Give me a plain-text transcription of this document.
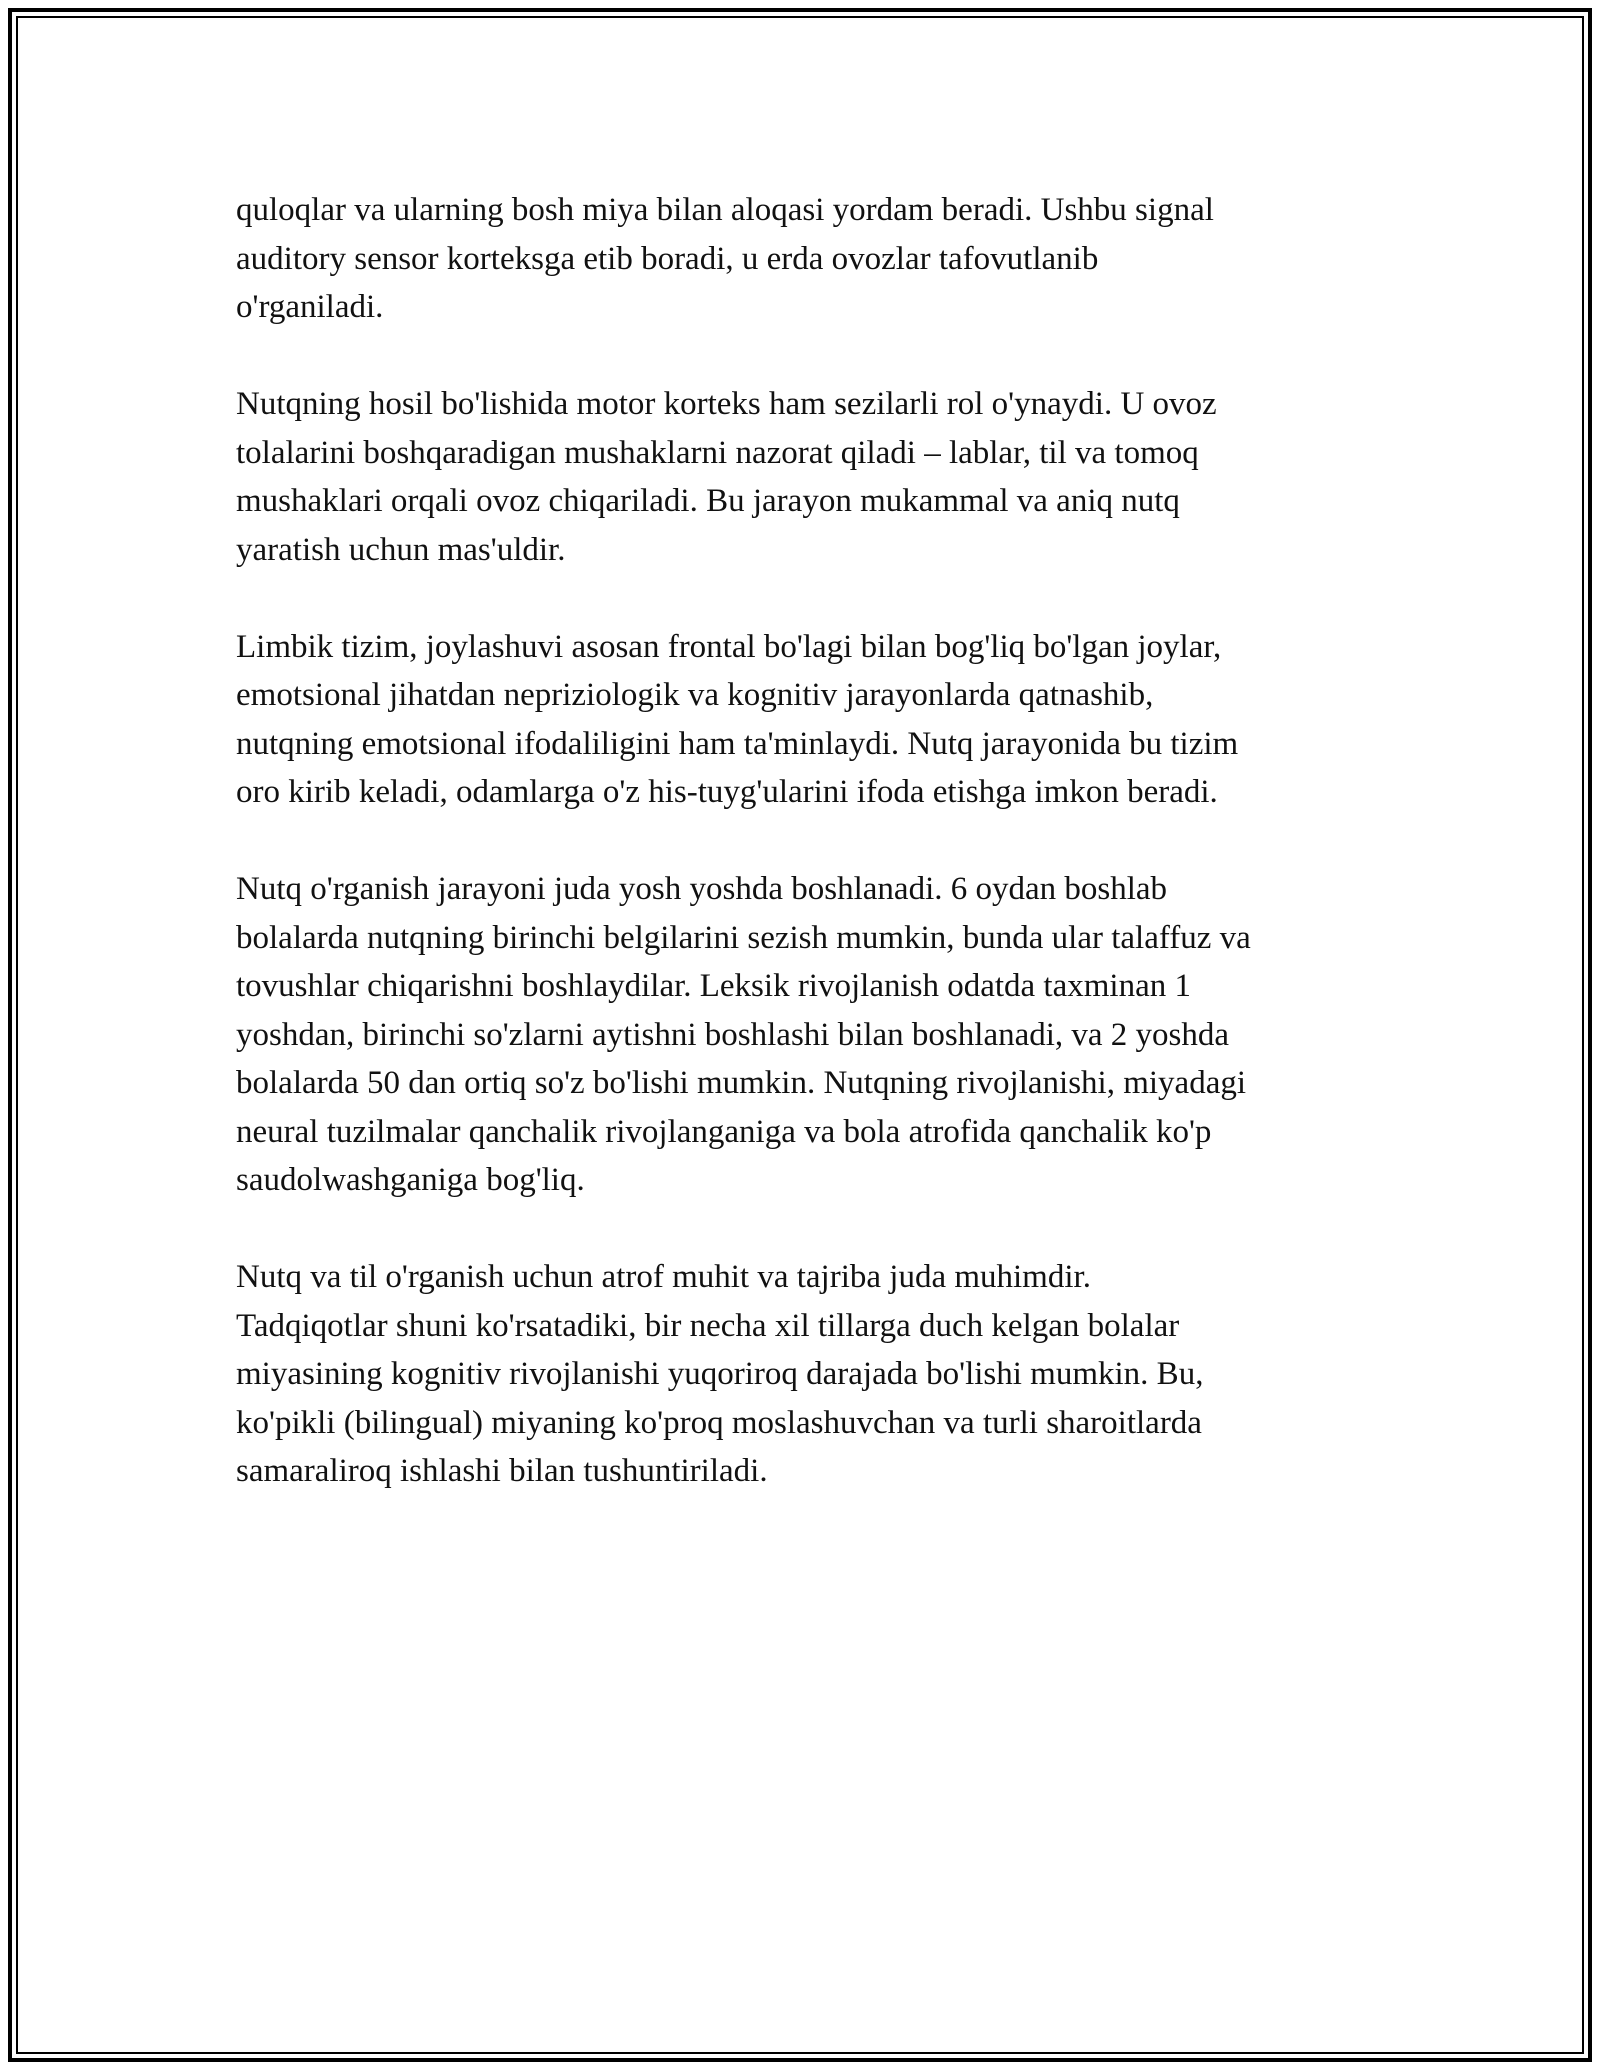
quloqlar va ularning bosh miya bilan aloqasi yordam beradi. Ushbu signal
auditory sensor korteksga etib boradi, u erda ovozlar tafovutlanib
o'rganiladi.

Nutqning hosil bo'lishida motor korteks ham sezilarli rol o'ynaydi. U ovoz
tolalarini boshqaradigan mushaklarni nazorat qiladi – lablar, til va tomoq
mushaklari orqali ovoz chiqariladi. Bu jarayon mukammal va aniq nutq
yaratish uchun mas'uldir.

Limbik tizim, joylashuvi asosan frontal bo'lagi bilan bog'liq bo'lgan joylar,
emotsional jihatdan nepriziologik va kognitiv jarayonlarda qatnashib,
nutqning emotsional ifodaliligini ham ta'minlaydi. Nutq jarayonida bu tizim
oro kirib keladi, odamlarga o'z his-tuyg'ularini ifoda etishga imkon beradi.

Nutq o'rganish jarayoni juda yosh yoshda boshlanadi. 6 oydan boshlab
bolalarda nutqning birinchi belgilarini sezish mumkin, bunda ular talaffuz va
tovushlar chiqarishni boshlaydilar. Leksik rivojlanish odatda taxminan 1
yoshdan, birinchi so'zlarni aytishni boshlashi bilan boshlanadi, va 2 yoshda
bolalarda 50 dan ortiq so'z bo'lishi mumkin. Nutqning rivojlanishi, miyadagi
neural tuzilmalar qanchalik rivojlanganiga va bola atrofida qanchalik ko'p
saudolwashganiga bog'liq.

Nutq va til o'rganish uchun atrof muhit va tajriba juda muhimdir.
Tadqiqotlar shuni ko'rsatadiki, bir necha xil tillarga duch kelgan bolalar
miyasining kognitiv rivojlanishi yuqoriroq darajada bo'lishi mumkin. Bu,
ko'pikli (bilingual) miyaning ko'proq moslashuvchan va turli sharoitlarda
samaraliroq ishlashi bilan tushuntiriladi.
